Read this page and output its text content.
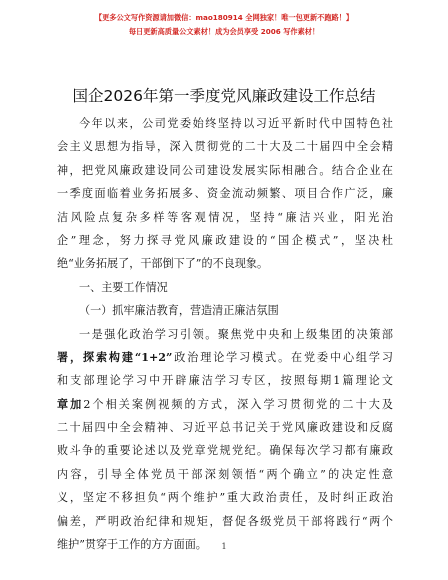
【更多公文写作资源请加微信：mao180914 全网独家！唯一包更新不跑路！】
每日更新高质量公文素材！成为会员享受 2006 写作素材！
国企2026年第一季度党风廉政建设工作总结
今年以来，公司党委始终坚持以习近平新时代中国特色社
会主义思想为指导，深入贯彻党的二十大及二十届四中全会精
神，把党风廉政建设同公司建设发展实际相融合。结合企业在
一季度面临着业务拓展多、资金流动频繁、项目合作广泛，廉
洁风险点复杂多样等客观情况，坚持“廉洁兴业，阳光治
企”理念，努力探寻党风廉政建设的“国企模式”，坚决杜
绝“业务拓展了，干部倒下了”的不良现象。
一、主要工作情况
（一）抓牢廉洁教育，营造清正廉洁氛围
一是强化政治学习引领。聚焦党中央和上级集团的决策部
署，探索构建“1+2”政治理论学习模式。在党委中心组学习
和支部理论学习中开辟廉洁学习专区，按照每期1篇理论文
章加2个相关案例视频的方式，深入学习贯彻党的二十大及
二十届四中全会精神、习近平总书记关于党风廉政建设和反腐
败斗争的重要论述以及党章党规党纪。确保每次学习都有廉政
内容，引导全体党员干部深刻领悟“两个确立”的决定性意
义，坚定不移担负“两个维护”重大政治责任，及时纠正政治
偏差，严明政治纪律和规矩，督促各级党员干部将践行“两个
维护”贯穿于工作的方方面面。	1
